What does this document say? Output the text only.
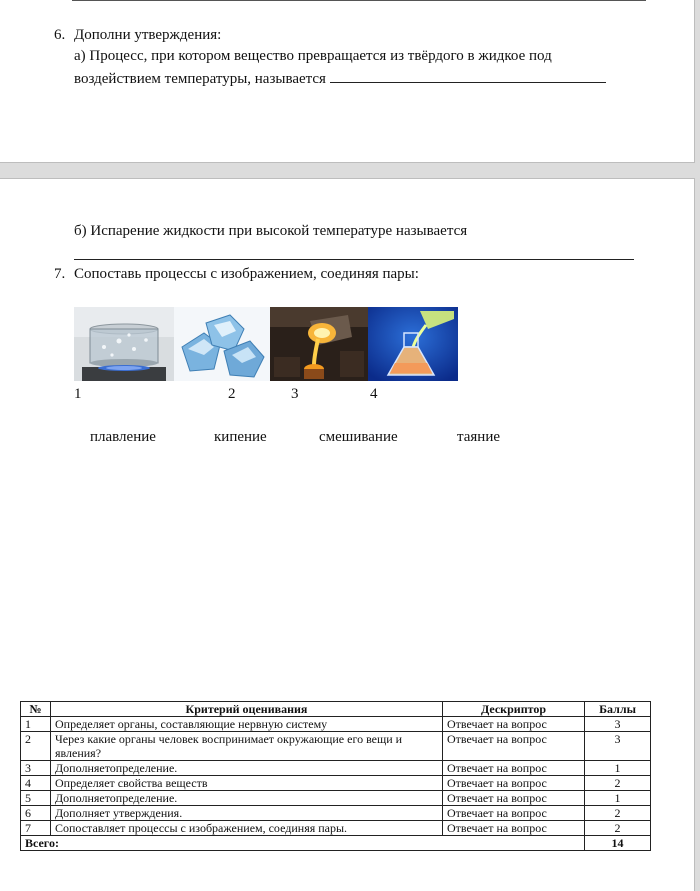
6. Дополни утверждения:
а) Процесс, при котором вещество превращается из твёрдого в жидкое под
воздействием температуры, называется
б) Испарение жидкости при высокой температуре называется
7. Сопоставь процессы с изображением, соединяя пары:
1	2	3	4
плавление	кипение	смешивание	таяние
№	Критерий оценивания	Дескриптор	Баллы
1	Определяет органы, составляющие нервную систему	Отвечает на вопрос	3
2	Через какие органы человек воспринимает окружающие его вещи и явления?	Отвечает на вопрос	3
3	Дополняетопределение.	Отвечает на вопрос	1
4	Определяет свойства веществ	Отвечает на вопрос	2
5	Дополняетопределение.	Отвечает на вопрос	1
6	Дополняет утверждения.	Отвечает на вопрос	2
7	Сопоставляет процессы с изображением, соединяя пары.	Отвечает на вопрос	2
Всего:			14
